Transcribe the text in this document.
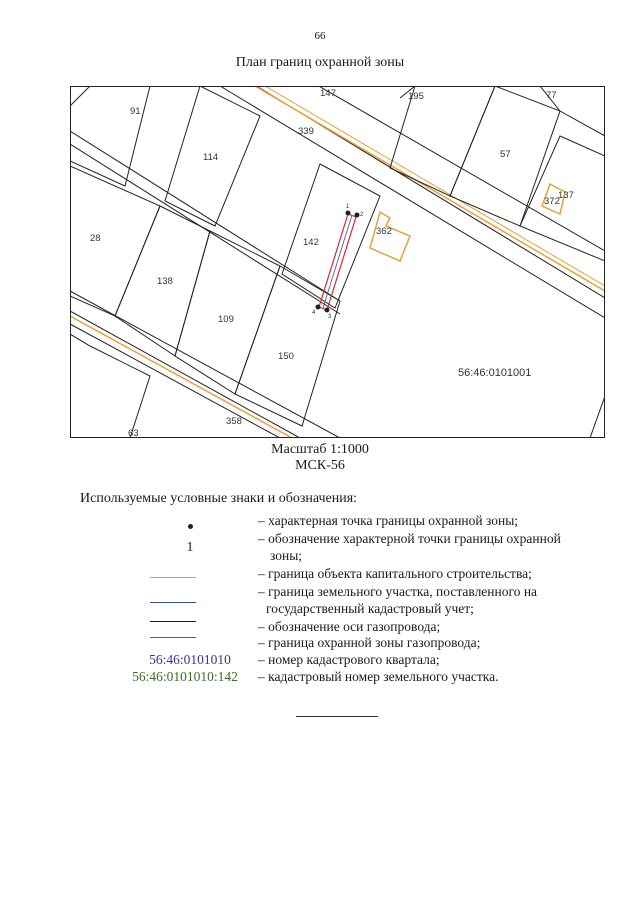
66
План границ охранной зоны
91
114
28
138
109
150
63
142
147	195
57
77
137
339
358
362
372
56:46:0101001
1
2
3
4
Масштаб 1:1000
МСК-56
Используемые условные знаки и обозначения:
– характерная точка границы охранной зоны;
1
– обозначение характерной точки границы охранной
зоны;
– граница объекта капитального строительства;
– граница земельного участка, поставленного на
государственный кадастровый учет;
– обозначение оси газопровода;
– граница охранной зоны газопровода;
56:46:0101010	– номер кадастрового квартала;
56:46:0101010:142	– кадастровый номер земельного участка.
